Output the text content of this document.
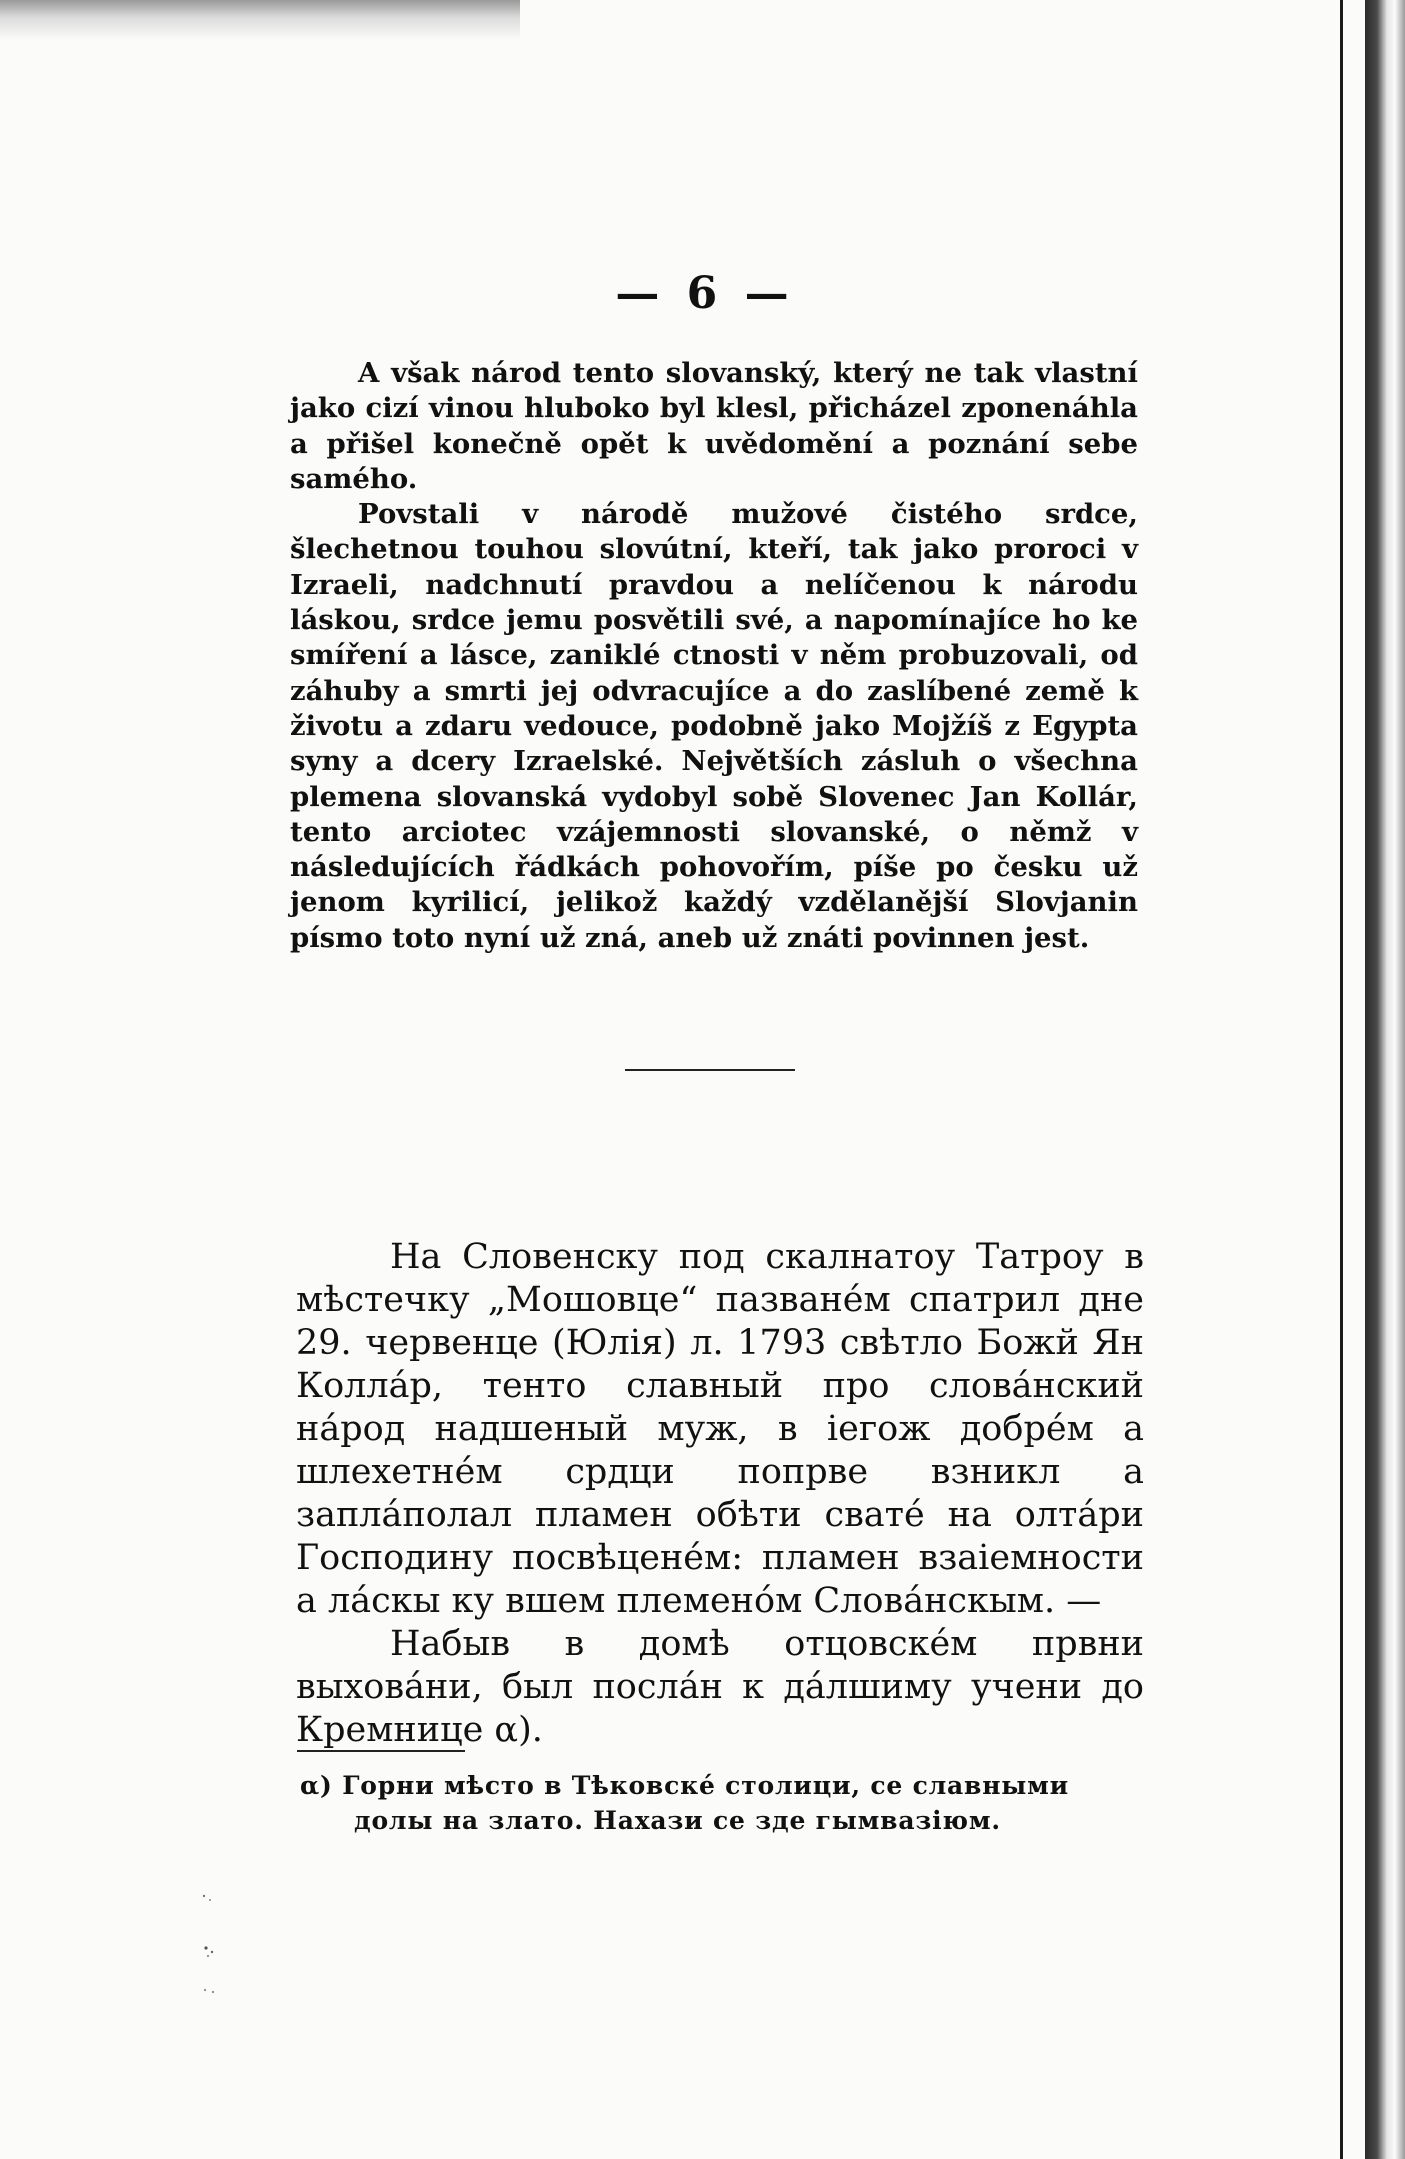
— 6 —

A však národ tento slovanský, který ne tak vlastní jako cizí vinou hluboko byl klesl, přicházel zponenáhla a přišel konečně opět k uvědomění a poznání sebe samého.

Povstali v národě mužové čistého srdce, šlechetnou touhou slovútní, kteří, tak jako proroci v Izraeli, nadchnutí pravdou a nelíčenou k národu láskou, srdce jemu posvětili své, a napomínajíce ho ke smíření a lásce, zaniklé ctnosti v něm probuzovali, od záhuby a smrti jej odvracujíce a do zaslíbené země k životu a zdaru vedouce, podobně jako Mojžíš z Egypta syny a dcery Izraelské. Největších zásluh o všechna plemena slovanská vydobyl sobě Slovenec Jan Kollár, tento arciotec vzájemnosti slovanské, o němž v následujících řádkách pohovořím, píše po česku už jenom kyrilicí, jelikož každý vzdělanější Slovjanin písmo toto nyní už zná, aneb už znáti povinnen jest.

На Словенску под скалнатоу Татроу в мѣстечку „Мошовце“ пазванéм спатрил дне 29. червенце (Юлія) л. 1793 свѣтло Божй Ян Коллáр, тенто славный про словáнский нáрод надшеный муж, в іегож добрéм а шлехетнéм срдци попрве взникл а заплáполал пламен обѣти сватé на олтáри Господину посвѣценéм: пламен взаіемности а лáскы ку вшем племенóм Словáнскым. —

Набыв в домѣ отцовскéм првни выховáни, был послáн к дáлшиму учени до Кремнице α).

α) Горни мѣсто в Тѣковскé столици, се славными
долы на злато. Нахази се зде гымвазіюм.
